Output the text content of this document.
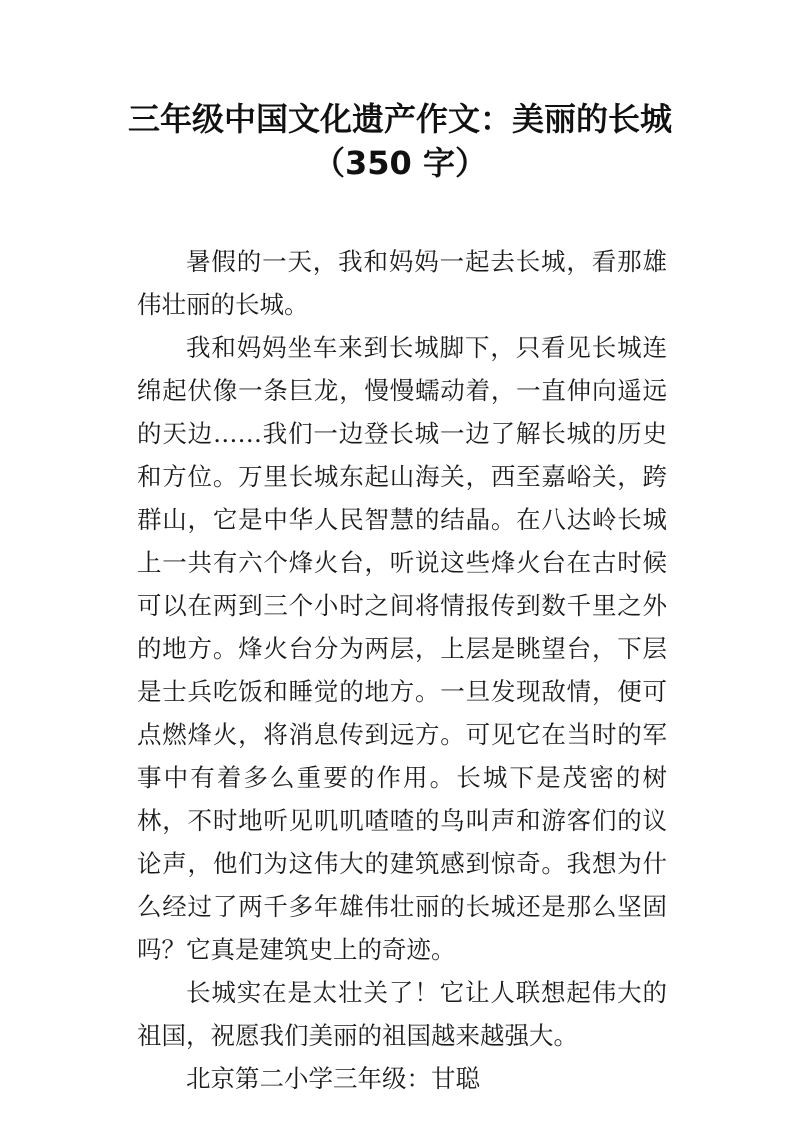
三年级中国文化遗产作文：美丽的长城（350 字）

暑假的一天，我和妈妈一起去长城，看那雄伟壮丽的长城。

我和妈妈坐车来到长城脚下，只看见长城连绵起伏像一条巨龙，慢慢蠕动着，一直伸向遥远的天边……我们一边登长城一边了解长城的历史和方位。万里长城东起山海关，西至嘉峪关，跨群山，它是中华人民智慧的结晶。在八达岭长城上一共有六个烽火台，听说这些烽火台在古时候可以在两到三个小时之间将情报传到数千里之外的地方。烽火台分为两层，上层是眺望台，下层是士兵吃饭和睡觉的地方。一旦发现敌情，便可点燃烽火，将消息传到远方。可见它在当时的军事中有着多么重要的作用。长城下是茂密的树林，不时地听见叽叽喳喳的鸟叫声和游客们的议论声，他们为这伟大的建筑感到惊奇。我想为什么经过了两千多年雄伟壮丽的长城还是那么坚固吗？它真是建筑史上的奇迹。

长城实在是太壮关了！它让人联想起伟大的祖国，祝愿我们美丽的祖国越来越强大。

北京第二小学三年级：甘聪
